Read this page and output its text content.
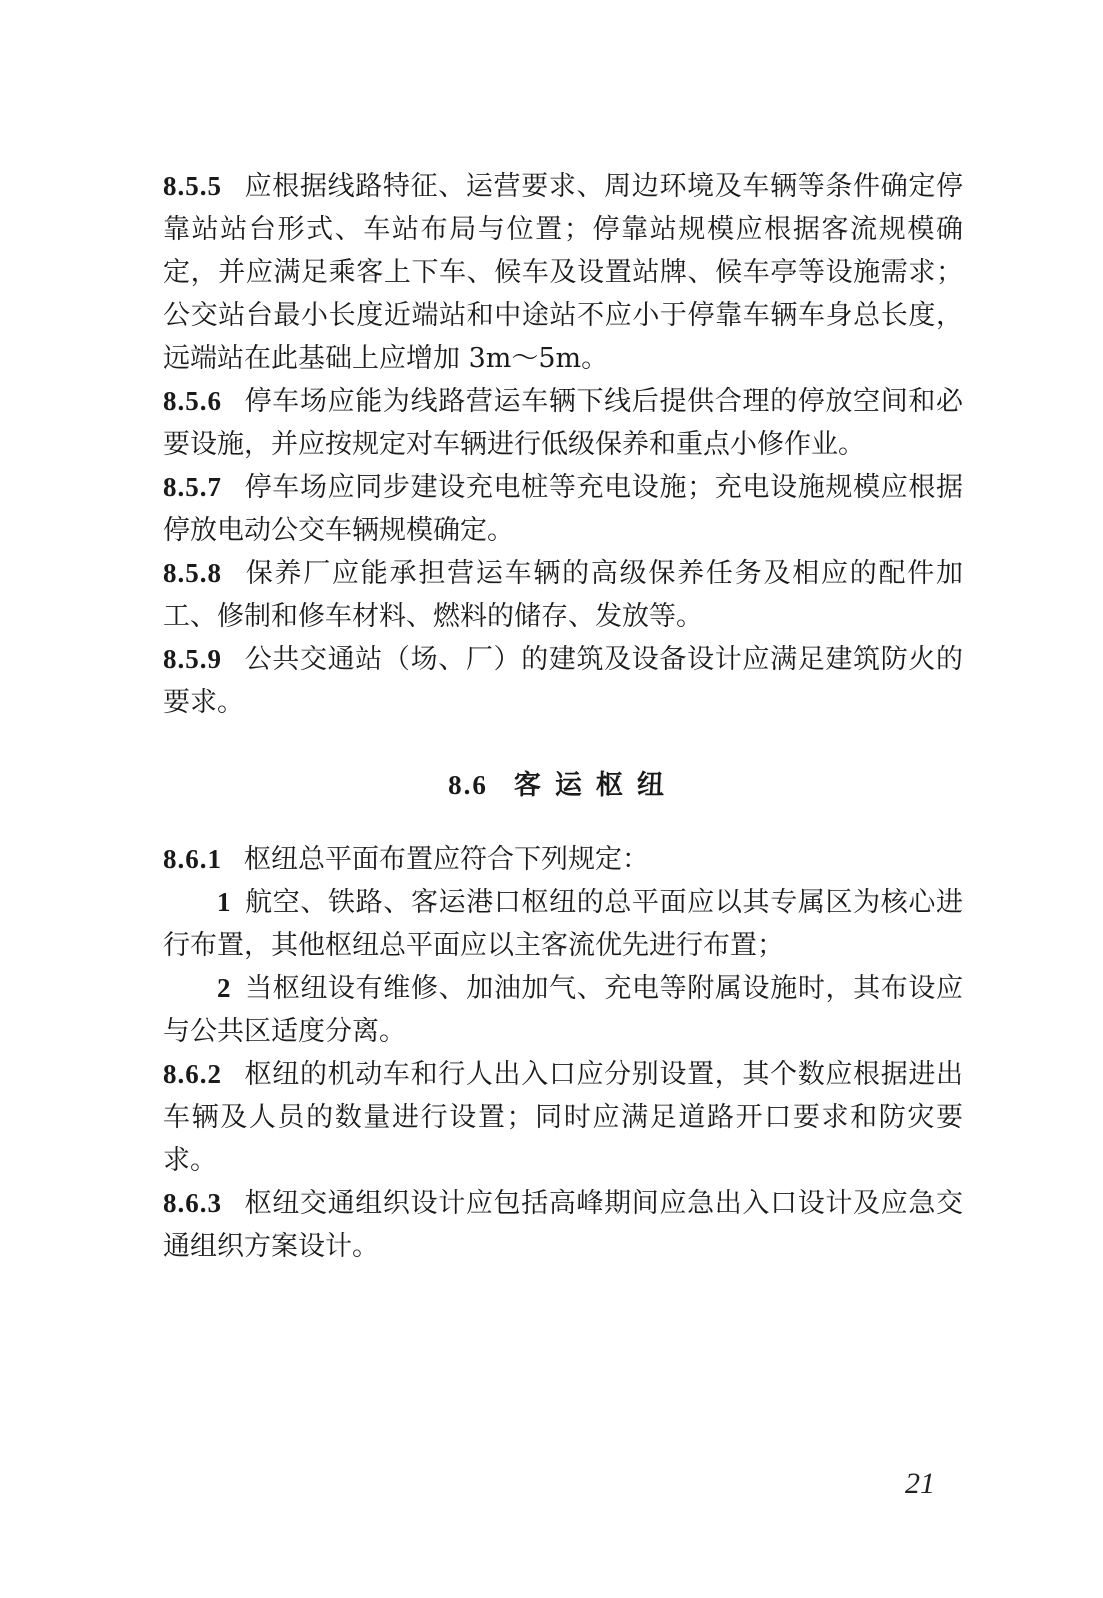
8.5.5 应根据线路特征、运营要求、周边环境及车辆等条件确定停靠站站台形式、车站布局与位置；停靠站规模应根据客流规模确定，并应满足乘客上下车、候车及设置站牌、候车亭等设施需求；公交站台最小长度近端站和中途站不应小于停靠车辆车身总长度，远端站在此基础上应增加 3m～5m。

8.5.6 停车场应能为线路营运车辆下线后提供合理的停放空间和必要设施，并应按规定对车辆进行低级保养和重点小修作业。

8.5.7 停车场应同步建设充电桩等充电设施；充电设施规模应根据停放电动公交车辆规模确定。

8.5.8 保养厂应能承担营运车辆的高级保养任务及相应的配件加工、修制和修车材料、燃料的储存、发放等。

8.5.9 公共交通站（场、厂）的建筑及设备设计应满足建筑防火的要求。

8.6 客运枢纽

8.6.1 枢纽总平面布置应符合下列规定：

1 航空、铁路、客运港口枢纽的总平面应以其专属区为核心进行布置，其他枢纽总平面应以主客流优先进行布置；

2 当枢纽设有维修、加油加气、充电等附属设施时，其布设应与公共区适度分离。

8.6.2 枢纽的机动车和行人出入口应分别设置，其个数应根据进出车辆及人员的数量进行设置；同时应满足道路开口要求和防灾要求。

8.6.3 枢纽交通组织设计应包括高峰期间应急出入口设计及应急交通组织方案设计。

21
